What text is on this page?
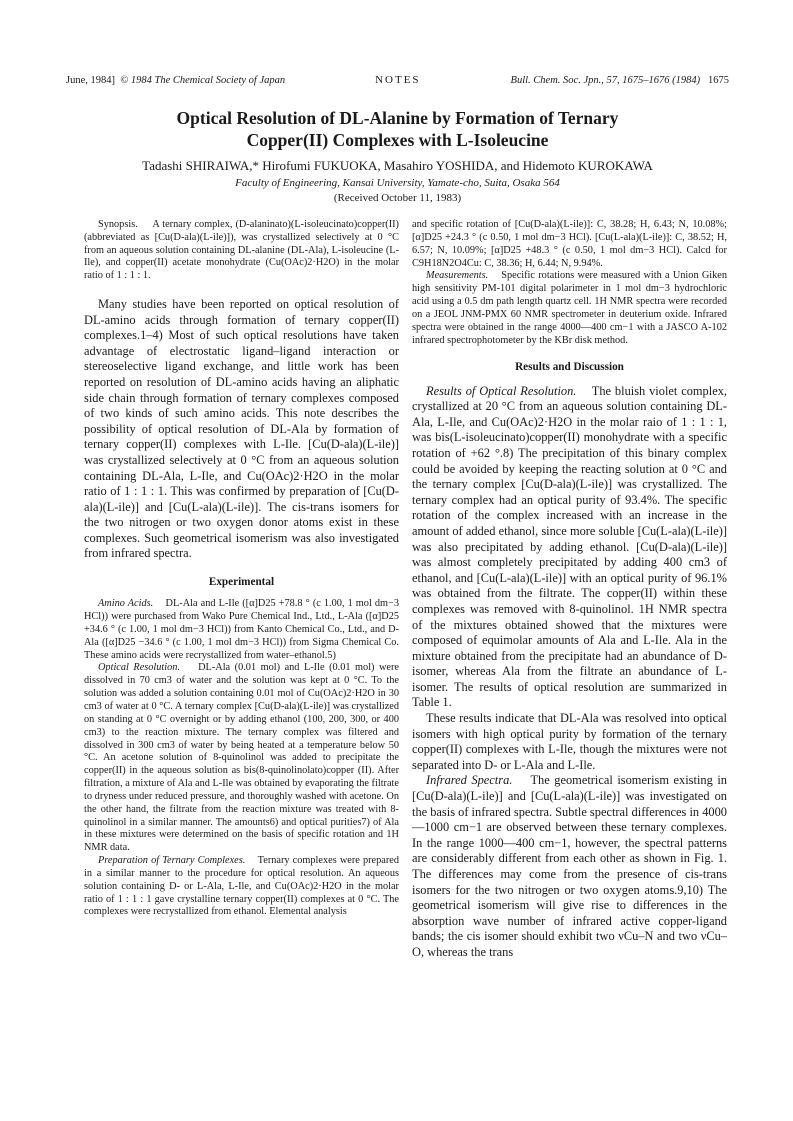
June, 1984] © 1984 The Chemical Society of Japan	NOTES	Bull. Chem. Soc. Jpn., 57, 1675–1676 (1984) 1675
Optical Resolution of DL-Alanine by Formation of Ternary
Copper(II) Complexes with L-Isoleucine
Tadashi SHIRAIWA,* Hirofumi FUKUOKA, Masahiro YOSHIDA, and Hidemoto KUROKAWA
Faculty of Engineering, Kansai University, Yamate-cho, Suita, Osaka 564
(Received October 11, 1983)

Synopsis. A ternary complex, (D-alaninato)(L-isoleucinato)copper(II) (abbreviated as [Cu(D-ala)(L-ile)]), was crystallized selectively at 0 °C from an aqueous solution containing DL-alanine (DL-Ala), L-isoleucine (L-Ile), and copper(II) acetate monohydrate (Cu(OAc)2·H2O) in the molar ratio of 1 : 1 : 1.

Many studies have been reported on optical resolution of DL-amino acids through formation of ternary copper(II) complexes.1–4) Most of such optical resolutions have taken advantage of electrostatic ligand–ligand interaction or stereoselective ligand exchange, and little work has been reported on resolution of DL-amino acids having an aliphatic side chain through formation of ternary complexes composed of two kinds of such amino acids. This note describes the possibility of optical resolution of DL-Ala by formation of ternary copper(II) complexes with L-Ile. [Cu(D-ala)(L-ile)] was crystallized selectively at 0 °C from an aqueous solution containing DL-Ala, L-Ile, and Cu(OAc)2·H2O in the molar ratio of 1 : 1 : 1. This was confirmed by preparation of [Cu(D-ala)(L-ile)] and [Cu(L-ala)(L-ile)]. The cis-trans isomers for the two nitrogen or two oxygen donor atoms exist in these complexes. Such geometrical isomerism was also investigated from infrared spectra.

Experimental

Amino Acids. DL-Ala and L-Ile ([α]D25 +78.8 ° (c 1.00, 1 mol dm−3 HCl)) were purchased from Wako Pure Chemical Ind., Ltd., L-Ala ([α]D25 +34.6 ° (c 1.00, 1 mol dm−3 HCl)) from Kanto Chemical Co., Ltd., and D-Ala ([α]D25 −34.6 ° (c 1.00, 1 mol dm−3 HCl)) from Sigma Chemical Co. These amino acids were recrystallized from water–ethanol.5)

Optical Resolution. DL-Ala (0.01 mol) and L-Ile (0.01 mol) were dissolved in 70 cm3 of water and the solution was kept at 0 °C. To the solution was added a solution containing 0.01 mol of Cu(OAc)2·H2O in 30 cm3 of water at 0 °C. A ternary complex [Cu(D-ala)(L-ile)] was crystallized on standing at 0 °C overnight or by adding ethanol (100, 200, 300, or 400 cm3) to the reaction mixture. The ternary complex was filtered and dissolved in 300 cm3 of water by being heated at a temperature below 50 °C. An acetone solution of 8-quinolinol was added to precipitate the copper(II) in the aqueous solution as bis(8-quinolinolato)copper (II). After filtration, a mixture of Ala and L-Ile was obtained by evaporating the filtrate to dryness under reduced pressure, and thoroughly washed with acetone. On the other hand, the filtrate from the reaction mixture was treated with 8-quinolinol in a similar manner. The amounts6) and optical purities7) of Ala in these mixtures were determined on the basis of specific rotation and 1H NMR data.

Preparation of Ternary Complexes. Ternary complexes were prepared in a similar manner to the procedure for optical resolution. An aqueous solution containing D- or L-Ala, L-Ile, and Cu(OAc)2·H2O in the molar ratio of 1 : 1 : 1 gave crystalline ternary copper(II) complexes at 0 °C. The complexes were recrystallized from ethanol. Elemental analysis

and specific rotation of [Cu(D-ala)(L-ile)]: C, 38.28; H, 6.43; N, 10.08%; [α]D25 +24.3 ° (c 0.50, 1 mol dm−3 HCl). [Cu(L-ala)(L-ile)]: C, 38.52; H, 6.57; N, 10.09%; [α]D25 +48.3 ° (c 0.50, 1 mol dm−3 HCl). Calcd for C9H18N2O4Cu: C, 38.36; H, 6.44; N, 9.94%.

Measurements. Specific rotations were measured with a Union Giken high sensitivity PM-101 digital polarimeter in 1 mol dm−3 hydrochloric acid using a 0.5 dm path length quartz cell. 1H NMR spectra were recorded on a JEOL JNM-PMX 60 NMR spectrometer in deuterium oxide. Infrared spectra were obtained in the range 4000—400 cm−1 with a JASCO A-102 infrared spectrophotometer by the KBr disk method.

Results and Discussion

Results of Optical Resolution. The bluish violet complex, crystallized at 20 °C from an aqueous solution containing DL-Ala, L-Ile, and Cu(OAc)2·H2O in the molar raio of 1 : 1 : 1, was bis(L-isoleucinato)copper(II) monohydrate with a specific rotation of +62 °.8) The precipitation of this binary complex could be avoided by keeping the reacting solution at 0 °C and the ternary complex [Cu(D-ala)(L-ile)] was crystallized. The ternary complex had an optical purity of 93.4%. The specific rotation of the complex increased with an increase in the amount of added ethanol, since more soluble [Cu(L-ala)(L-ile)] was also precipitated by adding ethanol. [Cu(D-ala)(L-ile)] was almost completely precipitated by adding 400 cm3 of ethanol, and [Cu(L-ala)(L-ile)] with an optical purity of 96.1% was obtained from the filtrate. The copper(II) within these complexes was removed with 8-quinolinol. 1H NMR spectra of the mixtures obtained showed that the mixtures were composed of equimolar amounts of Ala and L-Ile. Ala in the mixture obtained from the precipitate had an abundance of D-isomer, whereas Ala from the filtrate an abundance of L-isomer. The results of optical resolution are summarized in Table 1.

These results indicate that DL-Ala was resolved into optical isomers with high optical purity by formation of the ternary copper(II) complexes with L-Ile, though the mixtures were not separated into D- or L-Ala and L-Ile.

Infrared Spectra. The geometrical isomerism existing in [Cu(D-ala)(L-ile)] and [Cu(L-ala)(L-ile)] was investigated on the basis of infrared spectra. Subtle spectral differences in 4000—1000 cm−1 are observed between these ternary complexes. In the range 1000—400 cm−1, however, the spectral patterns are considerably different from each other as shown in Fig. 1. The differences may come from the presence of cis-trans isomers for the two nitrogen or two oxygen atoms.9,10) The geometrical isomerism will give rise to differences in the absorption wave number of infrared active copper-ligand bands; the cis isomer should exhibit two νCu–N and two νCu–O, whereas the trans
